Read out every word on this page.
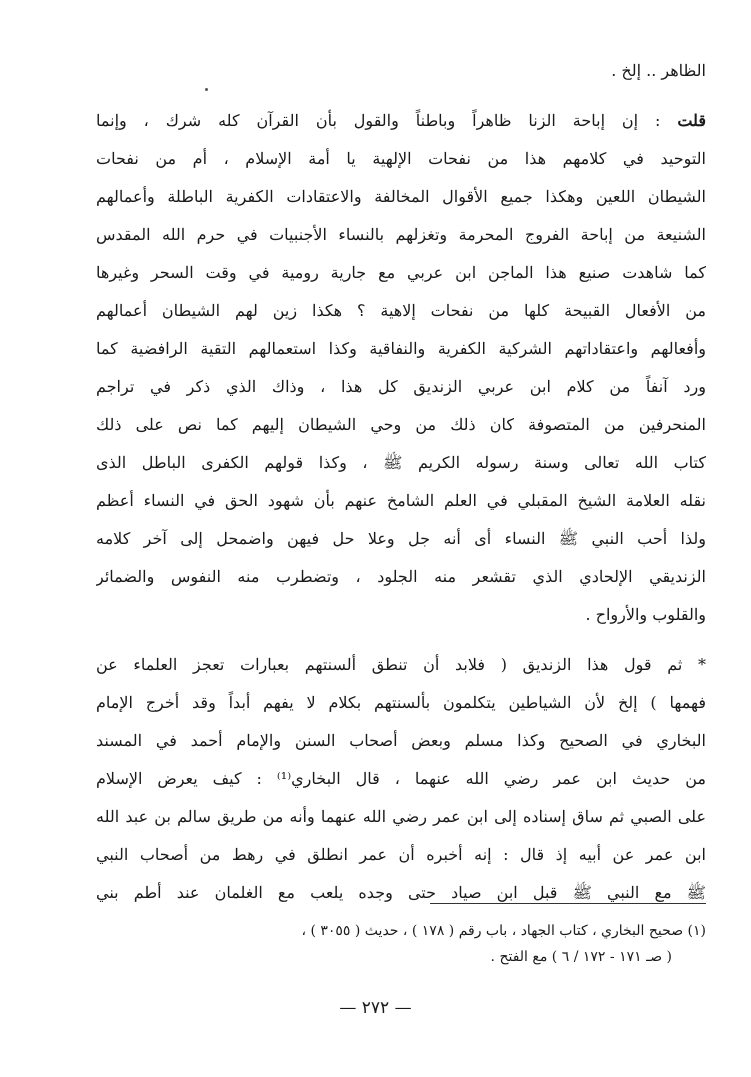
الظاهر .. إلخ .
قلت : إن إباحة الزنا ظاهراً وباطناً والقول بأن القرآن كله شرك ، وإنما
التوحيد في كلامهم هذا من نفحات الإلهية يا أمة الإسلام ، أم من نفحات
الشيطان اللعين وهكذا جميع الأقوال المخالفة والاعتقادات الكفرية الباطلة وأعمالهم
الشنيعة من إباحة الفروج المحرمة وتغزلهم بالنساء الأجنبيات في حرم الله المقدس
كما شاهدت صنيع هذا الماجن ابن عربي مع جارية رومية في وقت السحر وغيرها
من الأفعال القبيحة كلها من نفحات إلاهية ؟ هكذا زين لهم الشيطان أعمالهم
وأفعالهم واعتقاداتهم الشركية الكفرية والنفاقية وكذا استعمالهم التقية الرافضية كما
ورد آنفاً من كلام ابن عربي الزنديق كل هذا ، وذاك الذي ذكر في تراجم
المنحرفين من المتصوفة كان ذلك من وحي الشيطان إليهم كما نص على ذلك
كتاب الله تعالى وسنة رسوله الكريم ﷺ ، وكذا قولهم الكفرى الباطل الذى
نقله العلامة الشيخ المقبلي في العلم الشامخ عنهم بأن شهود الحق في النساء أعظم
ولذا أحب النبي ﷺ النساء أى أنه جل وعلا حل فيهن واضمحل إلى آخر كلامه
الزنديقي الإلحادي الذي تقشعر منه الجلود ، وتضطرب منه النفوس والضمائر
والقلوب والأرواح .
* ثم قول هذا الزنديق ( فلابد أن تنطق ألسنتهم بعبارات تعجز العلماء عن
فهمها ) إلخ لأن الشياطين يتكلمون بألسنتهم بكلام لا يفهم أبداً وقد أخرج الإمام
البخاري في الصحيح وكذا مسلم وبعض أصحاب السنن والإمام أحمد في المسند
من حديث ابن عمر رضي الله عنهما ، قال البخاري⁽¹⁾ : كيف يعرض الإسلام
على الصبي ثم ساق إسناده إلى ابن عمر رضي الله عنهما وأنه من طريق سالم بن عبد الله
ابن عمر عن أبيه إذ قال : إنه أخبره أن عمر انطلق في رهط من أصحاب النبي
ﷺ مع النبي ﷺ قبل ابن صياد حتى وجده يلعب مع الغلمان عند أطم بني
(١) صحيح البخاري ، كتاب الجهاد ، باب رقم ( ١٧٨ ) ، حديث ( ٣٠٥٥ ) ،
( صـ ١٧١ - ١٧٢ / ٦ ) مع الفتح .
— ٢٧٢ —
